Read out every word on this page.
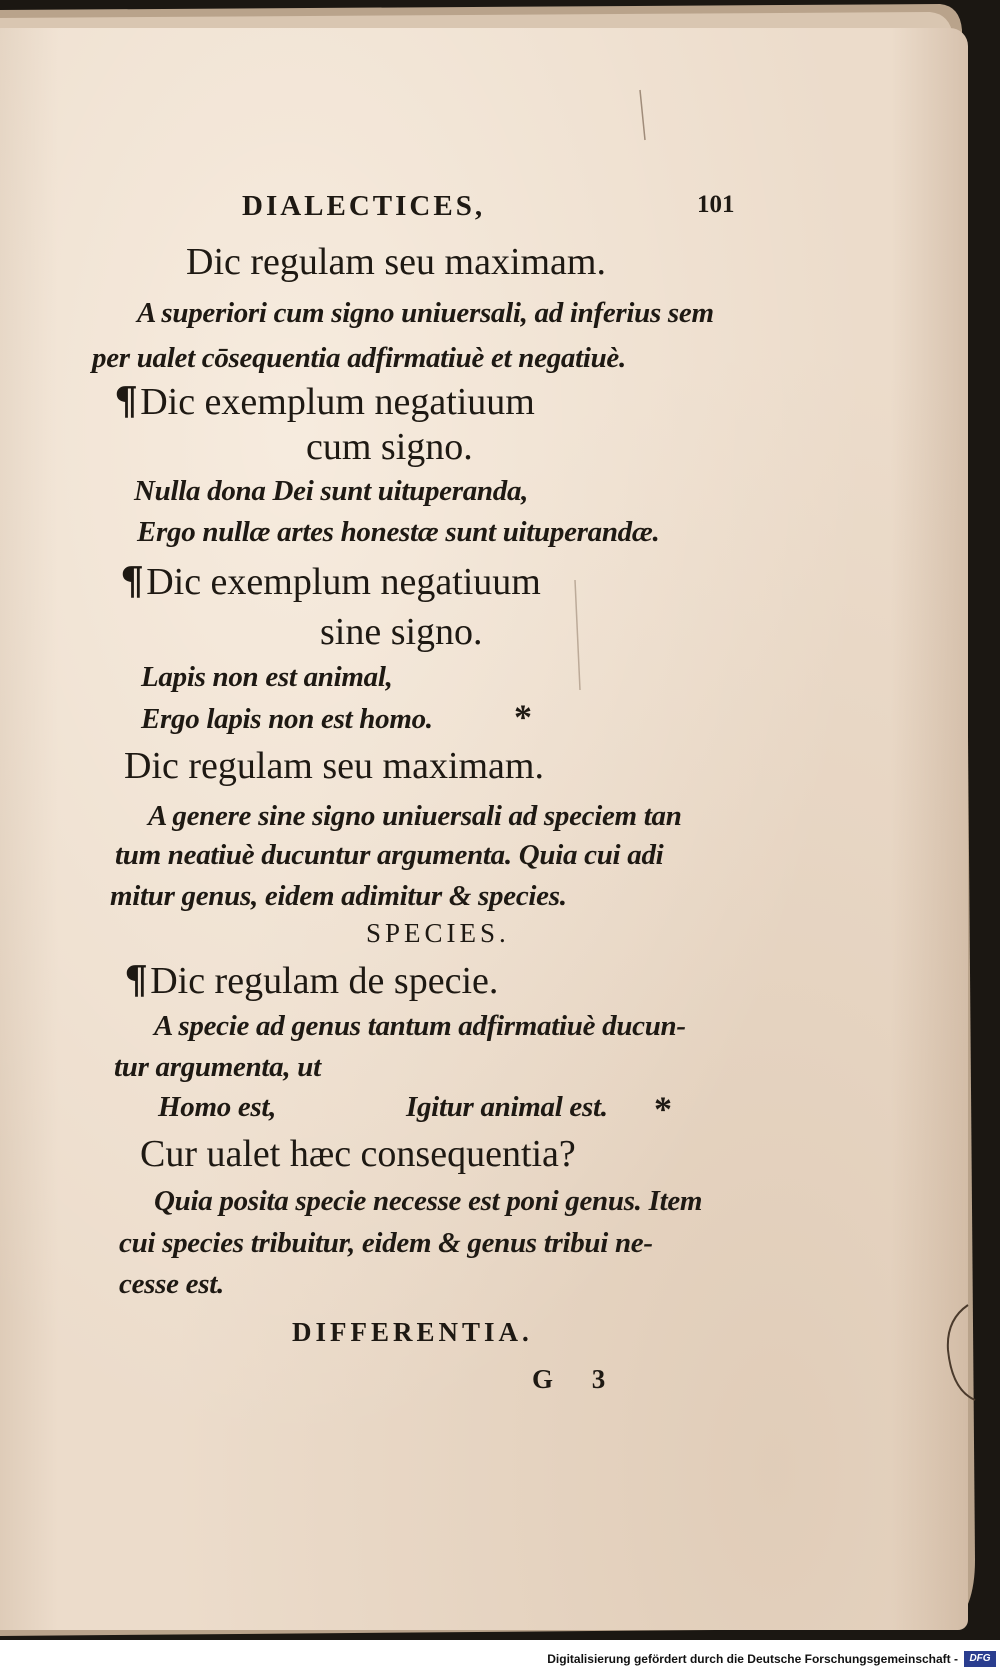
DIALECTICES,	101
Dic regulam seu maximam.
A superiori cum signo uniuersali, ad inferius sem
per ualet cōsequentia adfirmatiuè et negatiuè.
¶Dic exemplum negatiuum
cum signo.
Nulla dona Dei sunt uituperanda,
Ergo nullæ artes honestæ sunt uituperandæ.
¶Dic exemplum negatiuum
sine signo.
Lapis non est animal,
Ergo lapis non est homo. *
Dic regulam seu maximam.
A genere sine signo uniuersali ad speciem tan
tum neatiuè ducuntur argumenta. Quia cui adi
mitur genus, eidem adimitur & species.
SPECIES.
¶Dic regulam de specie.
A specie ad genus tantum adfirmatiuè ducun-
tur argumenta, ut
Homo est,	Igitur animal est. *
Cur ualet hæc consequentia?
Quia posita specie necesse est poni genus. Item
cui species tribuitur, eidem & genus tribui ne-
cesse est.
DIFFERENTIA.
G 3
Digitalisierung gefördert durch die Deutsche Forschungsgemeinschaft -	DFG
